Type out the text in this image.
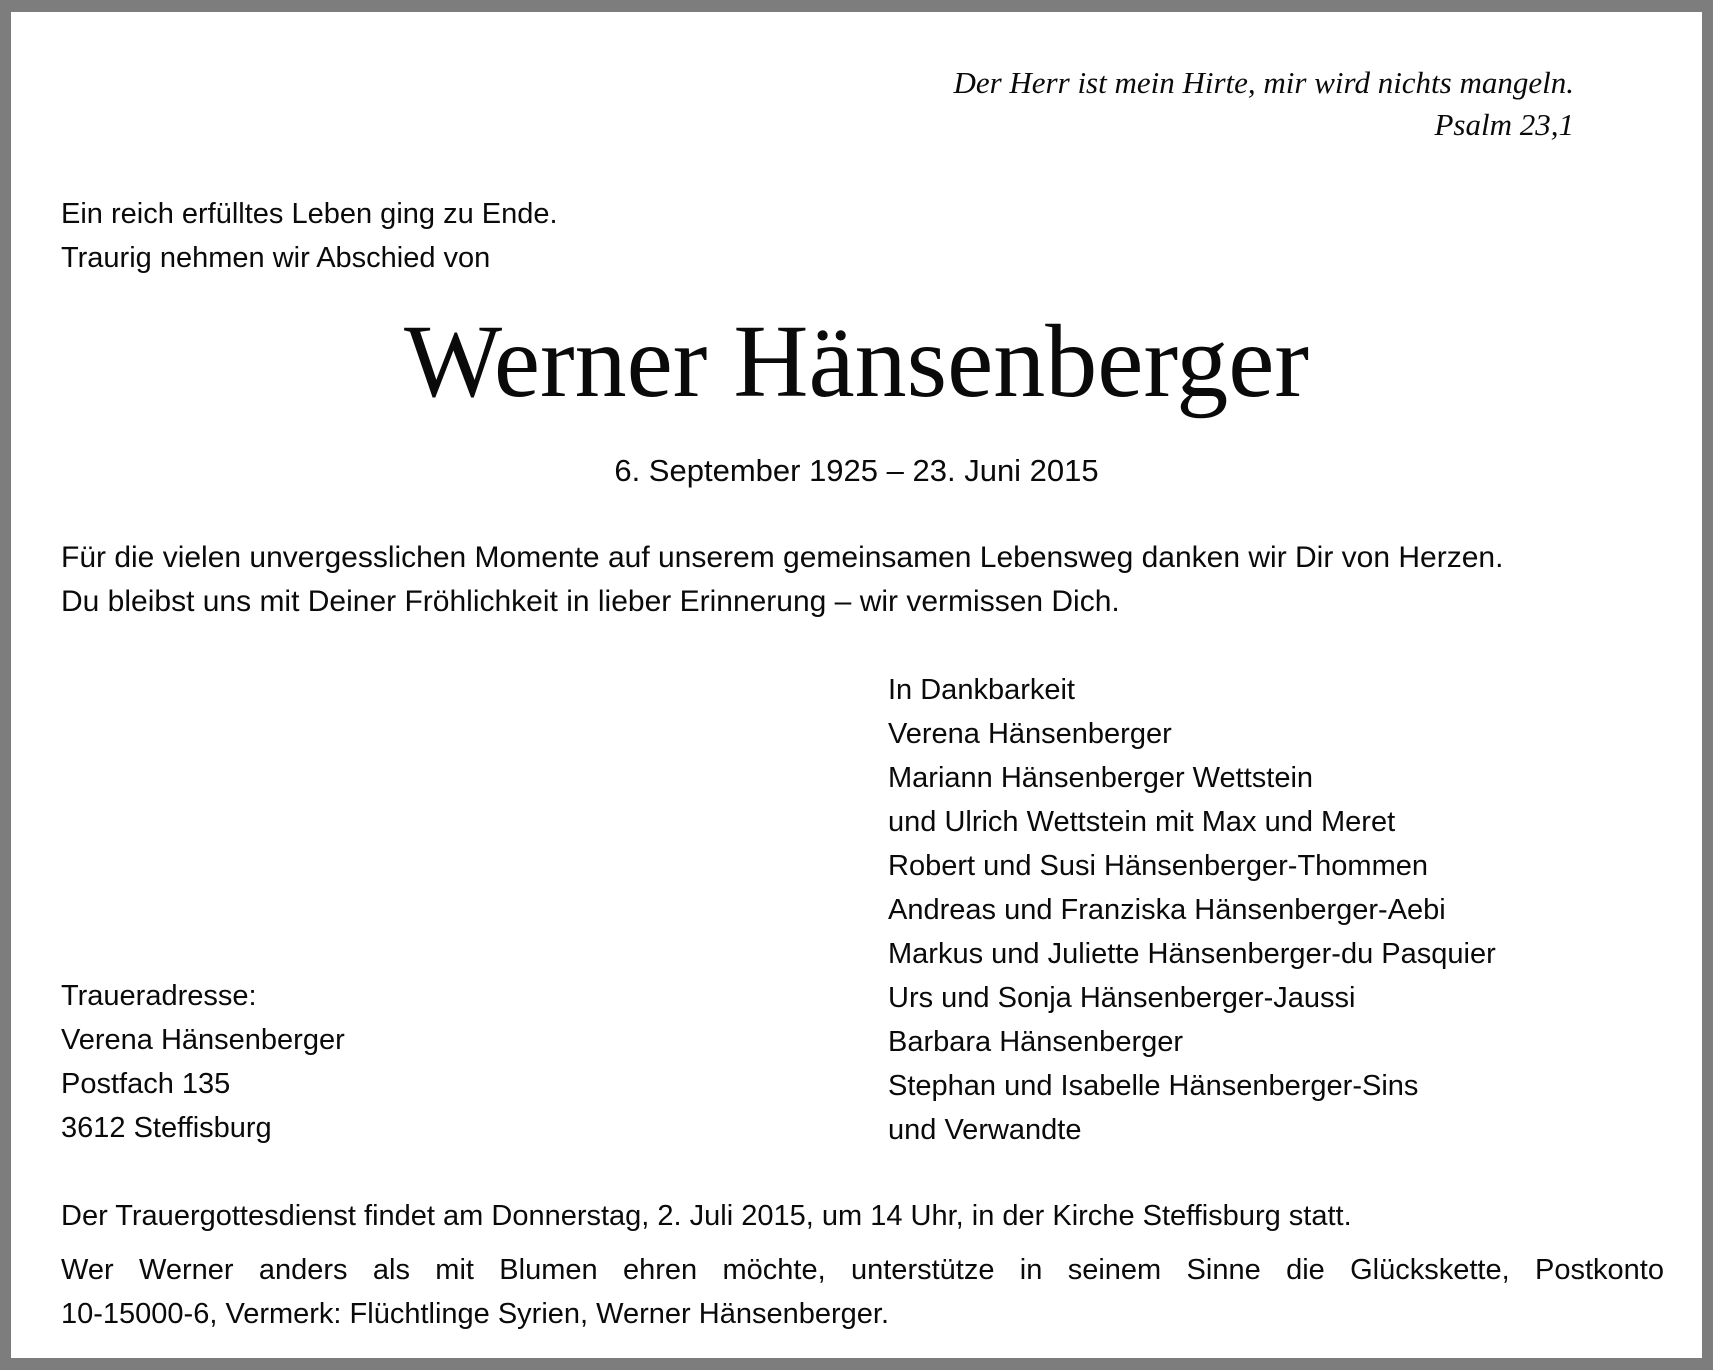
Der Herr ist mein Hirte, mir wird nichts mangeln.
Psalm 23,1
Ein reich erfülltes Leben ging zu Ende.
Traurig nehmen wir Abschied von
Werner Hänsenberger
6. September 1925 – 23. Juni 2015
Für die vielen unvergesslichen Momente auf unserem gemeinsamen Lebensweg danken wir Dir von Herzen.
Du bleibst uns mit Deiner Fröhlichkeit in lieber Erinnerung – wir vermissen Dich.
In Dankbarkeit
Verena Hänsenberger
Mariann Hänsenberger Wettstein
und Ulrich Wettstein mit Max und Meret
Robert und Susi Hänsenberger-Thommen
Andreas und Franziska Hänsenberger-Aebi
Markus und Juliette Hänsenberger-du Pasquier
Urs und Sonja Hänsenberger-Jaussi
Barbara Hänsenberger
Stephan und Isabelle Hänsenberger-Sins
und Verwandte
Traueradresse:
Verena Hänsenberger
Postfach 135
3612 Steffisburg
Der Trauergottesdienst findet am Donnerstag, 2. Juli 2015, um 14 Uhr, in der Kirche Steffisburg statt.
Wer Werner anders als mit Blumen ehren möchte, unterstütze in seinem Sinne die Glückskette, Postkonto
10-15000-6, Vermerk: Flüchtlinge Syrien, Werner Hänsenberger.
